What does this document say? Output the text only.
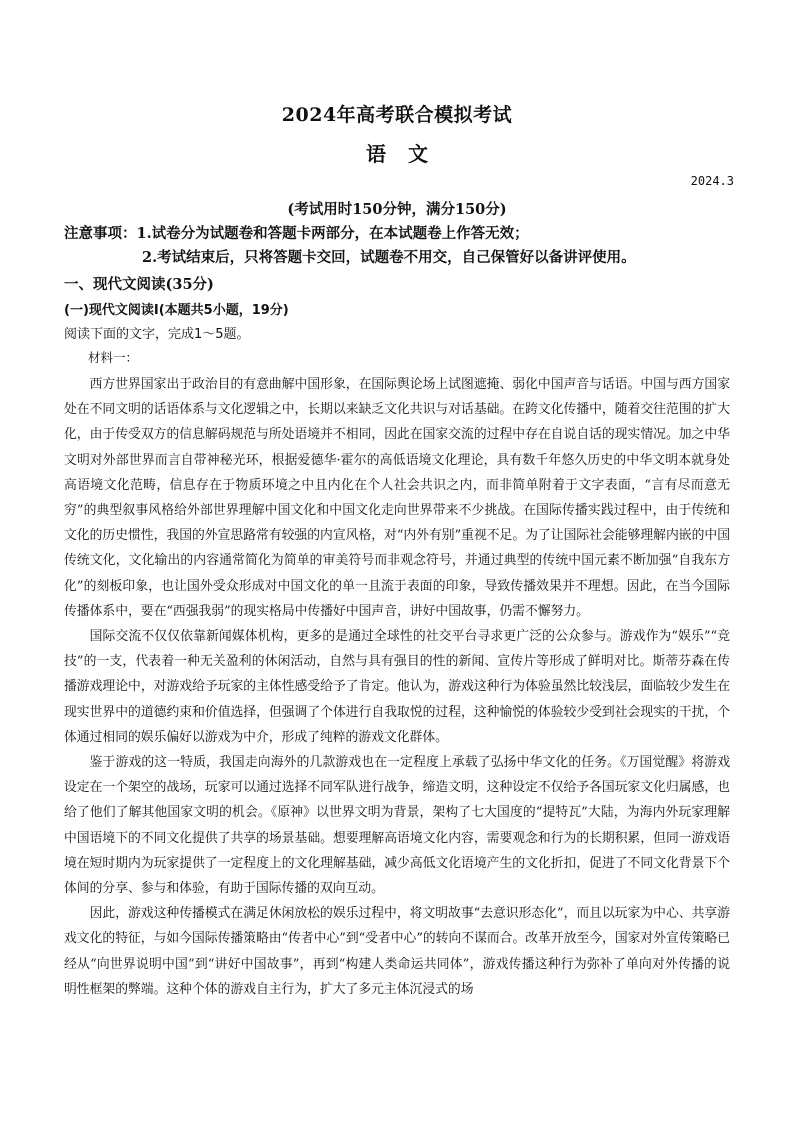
2024年高考联合模拟考试
语文
2024.3
(考试用时150分钟，满分150分)
注意事项：1.试卷分为试题卷和答题卡两部分，在本试题卷上作答无效；
2.考试结束后，只将答题卡交回，试题卷不用交，自己保管好以备讲评使用。
一、现代文阅读(35分)
(一)现代文阅读Ⅰ(本题共5小题，19分)
阅读下面的文字，完成1～5题。
材料一：

西方世界国家出于政治目的有意曲解中国形象，在国际舆论场上试图遮掩、弱化中国声音与话语。中国与西方国家处在不同文明的话语体系与文化逻辑之中，长期以来缺乏文化共识与对话基础。在跨文化传播中，随着交往范围的扩大化，由于传受双方的信息解码规范与所处语境并不相同，因此在国家交流的过程中存在自说自话的现实情况。加之中华文明对外部世界而言自带神秘光环，根据爱德华·霍尔的高低语境文化理论，具有数千年悠久历史的中华文明本就身处高语境文化范畴，信息存在于物质环境之中且内化在个人社会共识之内，而非简单附着于文字表面，“言有尽而意无穷”的典型叙事风格给外部世界理解中国文化和中国文化走向世界带来不少挑战。在国际传播实践过程中，由于传统和文化的历史惯性，我国的外宣思路常有较强的内宣风格，对“内外有别”重视不足。为了让国际社会能够理解内嵌的中国传统文化，文化输出的内容通常简化为简单的审美符号而非观念符号，并通过典型的传统中国元素不断加强“自我东方化”的刻板印象，也让国外受众形成对中国文化的单一且流于表面的印象，导致传播效果并不理想。因此，在当今国际传播体系中，要在“西强我弱”的现实格局中传播好中国声音，讲好中国故事，仍需不懈努力。

国际交流不仅仅依靠新闻媒体机构，更多的是通过全球性的社交平台寻求更广泛的公众参与。游戏作为“娱乐”“竞技”的一支，代表着一种无关盈利的休闲活动，自然与具有强目的性的新闻、宣传片等形成了鲜明对比。斯蒂芬森在传播游戏理论中，对游戏给予玩家的主体性感受给予了肯定。他认为，游戏这种行为体验虽然比较浅层，面临较少发生在现实世界中的道德约束和价值选择，但强调了个体进行自我取悦的过程，这种愉悦的体验较少受到社会现实的干扰，个体通过相同的娱乐偏好以游戏为中介，形成了纯粹的游戏文化群体。

鉴于游戏的这一特质，我国走向海外的几款游戏也在一定程度上承载了弘扬中华文化的任务。《万国觉醒》将游戏设定在一个架空的战场，玩家可以通过选择不同军队进行战争，缔造文明，这种设定不仅给予各国玩家文化归属感，也给了他们了解其他国家文明的机会。《原神》以世界文明为背景，架构了七大国度的“提特瓦”大陆，为海内外玩家理解中国语境下的不同文化提供了共享的场景基础。想要理解高语境文化内容，需要观念和行为的长期积累，但同一游戏语境在短时期内为玩家提供了一定程度上的文化理解基础，减少高低文化语境产生的文化折扣，促进了不同文化背景下个体间的分享、参与和体验，有助于国际传播的双向互动。

因此，游戏这种传播模式在满足休闲放松的娱乐过程中，将文明故事“去意识形态化”，而且以玩家为中心、共享游戏文化的特征，与如今国际传播策略由“传者中心”到“受者中心”的转向不谋而合。改革开放至今，国家对外宣传策略已经从“向世界说明中国”到“讲好中国故事”，再到“构建人类命运共同体”，游戏传播这种行为弥补了单向对外传播的说明性框架的弊端。这种个体的游戏自主行为，扩大了多元主体沉浸式的场
